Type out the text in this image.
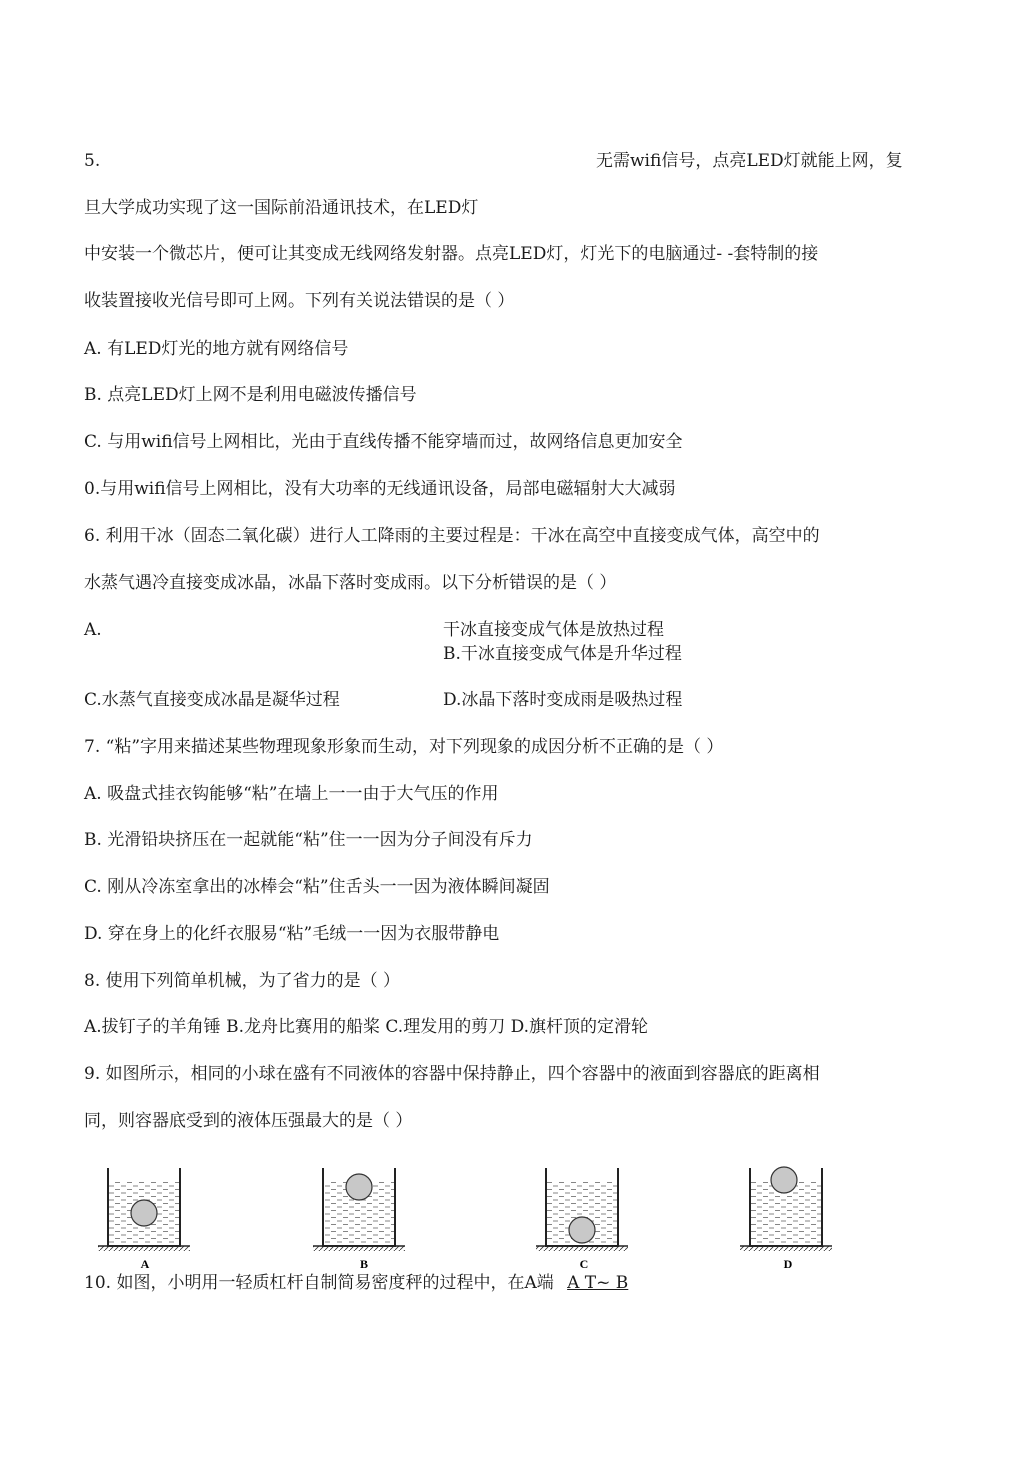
5.	无需wifi信号，点亮LED灯就能上网，复
旦大学成功实现了这一国际前沿通讯技术，在LED灯
中安装一个微芯片，便可让其变成无线网络发射器。点亮LED灯，灯光下的电脑通过- -套特制的接
收装置接收光信号即可上网。下列有关说法错误的是（ ）
A. 有LED灯光的地方就有网络信号
B. 点亮LED灯上网不是利用电磁波传播信号
C. 与用wifi信号上网相比，光由于直线传播不能穿墙而过，故网络信息更加安全
0.与用wifi信号上网相比，没有大功率的无线通讯设备，局部电磁辐射大大减弱
6. 利用干冰（固态二氧化碳）进行人工降雨的主要过程是：干冰在高空中直接变成气体，高空中的
水蒸气遇冷直接变成冰晶，冰晶下落时变成雨。以下分析错误的是（ ）
A.	干冰直接变成气体是放热过程
B.干冰直接变成气体是升华过程
C.水蒸气直接变成冰晶是凝华过程	D.冰晶下落时变成雨是吸热过程
7. “粘”字用来描述某些物理现象形象而生动，对下列现象的成因分析不正确的是（ ）
A. 吸盘式挂衣钩能够“粘”在墙上一一由于大气压的作用
B. 光滑铅块挤压在一起就能“粘”住一一因为分子间没有斥力
C. 刚从冷冻室拿出的冰棒会“粘”住舌头一一因为液体瞬间凝固
D. 穿在身上的化纤衣服易“粘”毛绒一一因为衣服带静电
8. 使用下列简单机械，为了省力的是（ ）
A.拔钉子的羊角锤 B.龙舟比赛用的船桨 C.理发用的剪刀 D.旗杆顶的定滑轮
9. 如图所示，相同的小球在盛有不同液体的容器中保持静止，四个容器中的液面到容器底的距离相
同，则容器底受到的液体压强最大的是（ ）
A	B	C	D
10. 如图，小明用一轻质杠杆自制简易密度秤的过程中，在A端 A T~ B
